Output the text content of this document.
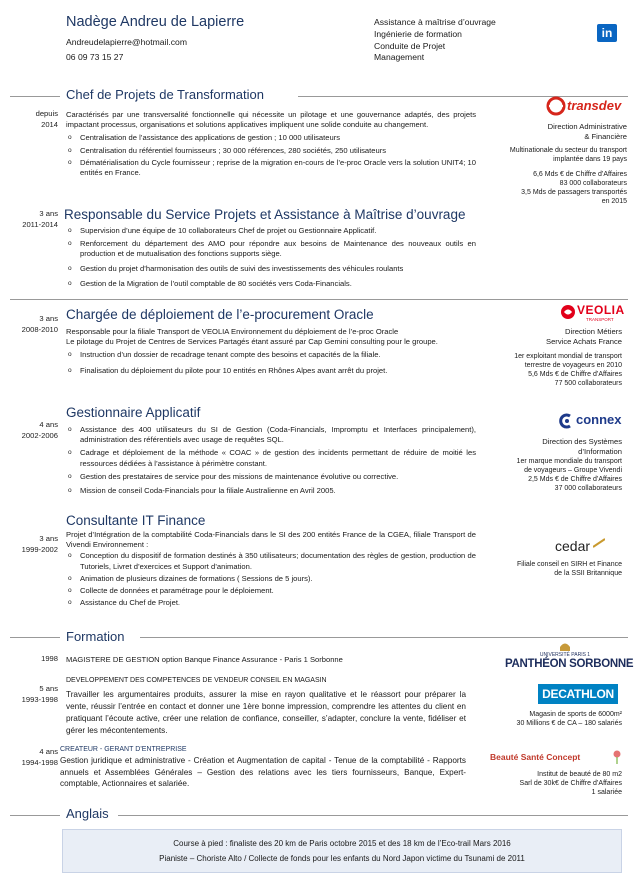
Nadège Andreu de Lapierre
Andreudelapierre@hotmail.com
06 09 73 15 27
Assistance à maîtrise d’ouvrage
Ingénierie de formation
Conduite de Projet
Management
in
Chef de Projets de Transformation
depuis
2014
Caractérisés par une transversalité fonctionnelle qui nécessite un pilotage et une gouvernance adaptés, des projets impactant processus, organisations et solutions applicatives impliquent une solide conduite au changement.
o Centralisation de l’assistance des applications de gestion ; 10 000 utilisateurs
o Centralisation du référentiel fournisseurs ; 30 000 références, 280 sociétés, 250 utilisateurs
o Dématérialisation du Cycle fournisseur ; reprise de la migration en-cours de l’e-proc Oracle vers la solution UNIT4; 10 entités en France.
transdev
Direction Administrative
& Financière
Multinationale du secteur du transport
implantée dans 19 pays
6,6 Mds € de Chiffre d’Affaires
83 000 collaborateurs
3,5 Mds de passagers transportés
en 2015
Responsable du Service Projets et Assistance à Maîtrise d’ouvrage
3 ans
2011-2014
o Supervision d’une équipe de 10 collaborateurs Chef de projet ou Gestionnaire Applicatif.
o Renforcement du département des AMO pour répondre aux besoins de Maintenance des nouveaux outils en production et de mutualisation des fonctions supports siège.
o Gestion du projet d’harmonisation des outils de suivi des investissements des véhicules roulants
o Gestion de la Migration de l’outil comptable de 80 sociétés vers Coda-Financials.
Chargée de déploiement de l’e-procurement Oracle
3 ans
2008-2010 Responsable pour la filiale Transport de VEOLIA Environnement du déploiement de l’e-proc Oracle
Le pilotage du Projet de Centres de Services Partagés étant assuré par Cap Gemini consulting pour le groupe.
o Instruction d’un dossier de recadrage tenant compte des besoins et capacités de la filiale.
o Finalisation du déploiement du pilote pour 10 entités en Rhônes Alpes avant arrêt du projet.
VEOLIA
TRANSPORT
Direction Métiers
Service Achats France
1er exploitant mondial de transport
terrestre de voyageurs en 2010
5,6 Mds € de Chiffre d’Affaires
77 500 collaborateurs
Gestionnaire Applicatif
4 ans
2002-2006
o Assistance des 400 utilisateurs du SI de Gestion (Coda-Financials, Impromptu et Interfaces principalement), administration des référentiels avec usage de requêtes SQL.
o Cadrage et déploiement de la méthode « COAC » de gestion des incidents permettant de réduire de moitié les ressources dédiées à l’assistance à périmètre constant.
o Gestion des prestataires de service pour des missions de maintenance évolutive ou corrective.
o Mission de conseil Coda-Financials pour la filiale Australienne en Avril 2005.
connex
Direction des Systèmes
d’Information
1er marque mondiale du transport
de voyageurs – Groupe Vivendi
2,5 Mds € de Chiffre d’Affaires
37 000 collaborateurs
Consultante IT Finance
3 ans
1999-2002
Projet d’Intégration de la comptabilité Coda-Financials dans le SI des 200 entités France de la CGEA, filiale Transport de Vivendi Environnement :
o Conception du dispositif de formation destinés à 350 utilisateurs; documentation des règles de gestion, production de Tutoriels, Livret d’exercices et Support d’animation.
o Animation de plusieurs dizaines de formations ( Sessions de 5 jours).
o Collecte de données et paramétrage pour le déploiement.
o Assistance du Chef de Projet.
cedar
Filiale conseil en SIRH et Finance
de la SSII Britannique
Formation
1998 MAGISTERE DE GESTION option Banque Finance Assurance - Paris 1 Sorbonne	UNIVERSITÉ PARIS 1
PANTHÉON SORBONNE
5 ans
1993-1998
DEVELOPPEMENT DES COMPETENCES DE VENDEUR CONSEIL EN MAGASIN
Travailler les argumentaires produits, assurer la mise en rayon qualitative et le réassort pour préparer la vente, réussir l’entrée en contact et donner une 1ère bonne impression, comprendre les attentes du client en pratiquant l’écoute active, créer une relation de confiance, conseiller, s’adapter, conclure la vente, fidéliser et gérer les mécontentements.
DECATHLON
Magasin de sports de 6000m²
30 Millions € de CA – 180 salariés
4 ans
1994-1998
CREATEUR - GERANT D’ENTREPRISE
Gestion juridique et administrative - Création et Augmentation de capital - Tenue de la comptabilité - Rapports annuels et Assemblées Générales – Gestion des relations avec les tiers fournisseurs, Banque, Expert-comptable, Actionnaires et salariée.
Beauté Santé Concept
Institut de beauté de 80 m2
Sarl de 30k€ de Chiffre d’Affaires
1 salariée
Anglais
Course à pied : finaliste des 20 km de Paris octobre 2015 et des 18 km de l’Eco-trail Mars 2016
Pianiste – Choriste Alto / Collecte de fonds pour les enfants du Nord Japon victime du Tsunami de 2011
